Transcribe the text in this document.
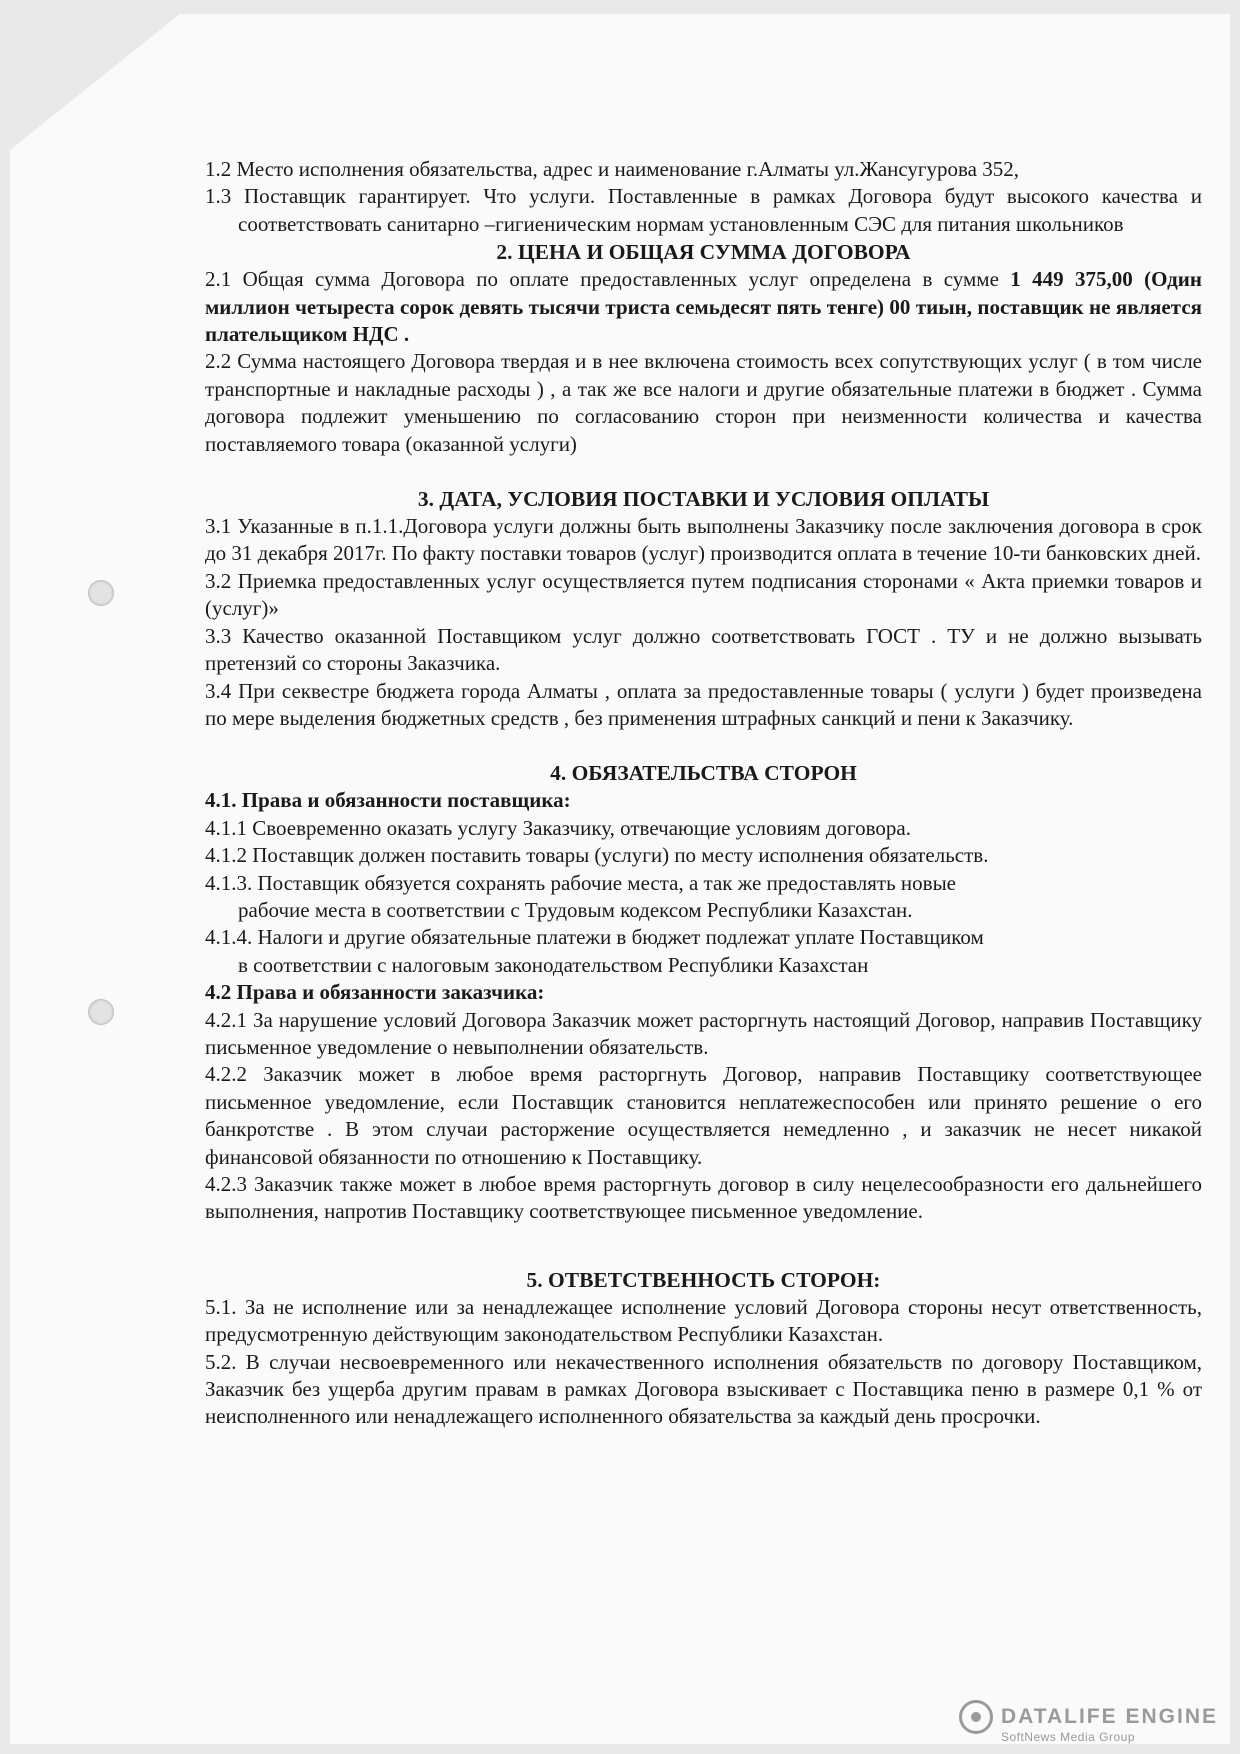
1.2 Место исполнения обязательства, адрес и наименование г.Алматы ул.Жансугурова 352,

1.3 Поставщик гарантирует. Что услуги. Поставленные в рамках Договора будут высокого качества и соответствовать санитарно –гигиеническим нормам установленным СЭС для питания школьников

2. ЦЕНА И ОБЩАЯ СУММА ДОГОВОРА

2.1 Общая сумма Договора по оплате предоставленных услуг определена в сумме 1 449 375,00 (Один миллион четыреста сорок девять тысячи триста семьдесят пять тенге) 00 тиын, поставщик не является плательщиком НДС .

2.2 Сумма настоящего Договора твердая и в нее включена стоимость всех сопутствующих услуг ( в том числе транспортные и накладные расходы ) , а так же все налоги и другие обязательные платежи в бюджет . Сумма договора подлежит уменьшению по согласованию сторон при неизменности количества и качества поставляемого товара (оказанной услуги)

3. ДАТА, УСЛОВИЯ ПОСТАВКИ И УСЛОВИЯ ОПЛАТЫ

3.1 Указанные в п.1.1.Договора услуги должны быть выполнены Заказчику после заключения договора в срок до 31 декабря 2017г. По факту поставки товаров (услуг) производится оплата в течение 10-ти банковских дней.

3.2 Приемка предоставленных услуг осуществляется путем подписания сторонами « Акта приемки товаров и (услуг)»

3.3 Качество оказанной Поставщиком услуг должно соответствовать ГОСТ . ТУ и не должно вызывать претензий со стороны Заказчика.

3.4 При секвестре бюджета города Алматы , оплата за предоставленные товары ( услуги ) будет произведена по мере выделения бюджетных средств , без применения штрафных санкций и пени к Заказчику.

4. ОБЯЗАТЕЛЬСТВА СТОРОН

4.1. Права и обязанности поставщика:

4.1.1 Своевременно оказать услугу Заказчику, отвечающие условиям договора.

4.1.2 Поставщик должен поставить товары (услуги) по месту исполнения обязательств.

4.1.3. Поставщик обязуется сохранять рабочие места, а так же предоставлять новые

рабочие места в соответствии с Трудовым кодексом Республики Казахстан.

4.1.4. Налоги и другие обязательные платежи в бюджет подлежат уплате Поставщиком

в соответствии с налоговым законодательством Республики Казахстан

4.2 Права и обязанности заказчика:

4.2.1 За нарушение условий Договора Заказчик может расторгнуть настоящий Договор, направив Поставщику письменное уведомление о невыполнении обязательств.

4.2.2 Заказчик может в любое время расторгнуть Договор, направив Поставщику соответствующее письменное уведомление, если Поставщик становится неплатежеспособен или принято решение о его банкротстве . В этом случаи расторжение осуществляется немедленно , и заказчик не несет никакой финансовой обязанности по отношению к Поставщику.

4.2.3 Заказчик также может в любое время расторгнуть договор в силу нецелесообразности его дальнейшего выполнения, напротив Поставщику соответствующее письменное уведомление.

5. ОТВЕТСТВЕННОСТЬ СТОРОН:

5.1. За не исполнение или за ненадлежащее исполнение условий Договора стороны несут ответственность, предусмотренную действующим законодательством Республики Казахстан.

5.2. В случаи несвоевременного или некачественного исполнения обязательств по договору Поставщиком, Заказчик без ущерба другим правам в рамках Договора взыскивает с Поставщика пеню в размере 0,1 % от неисполненного или ненадлежащего исполненного обязательства за каждый день просрочки.

DATALIFE ENGINE
SoftNews Media Group
